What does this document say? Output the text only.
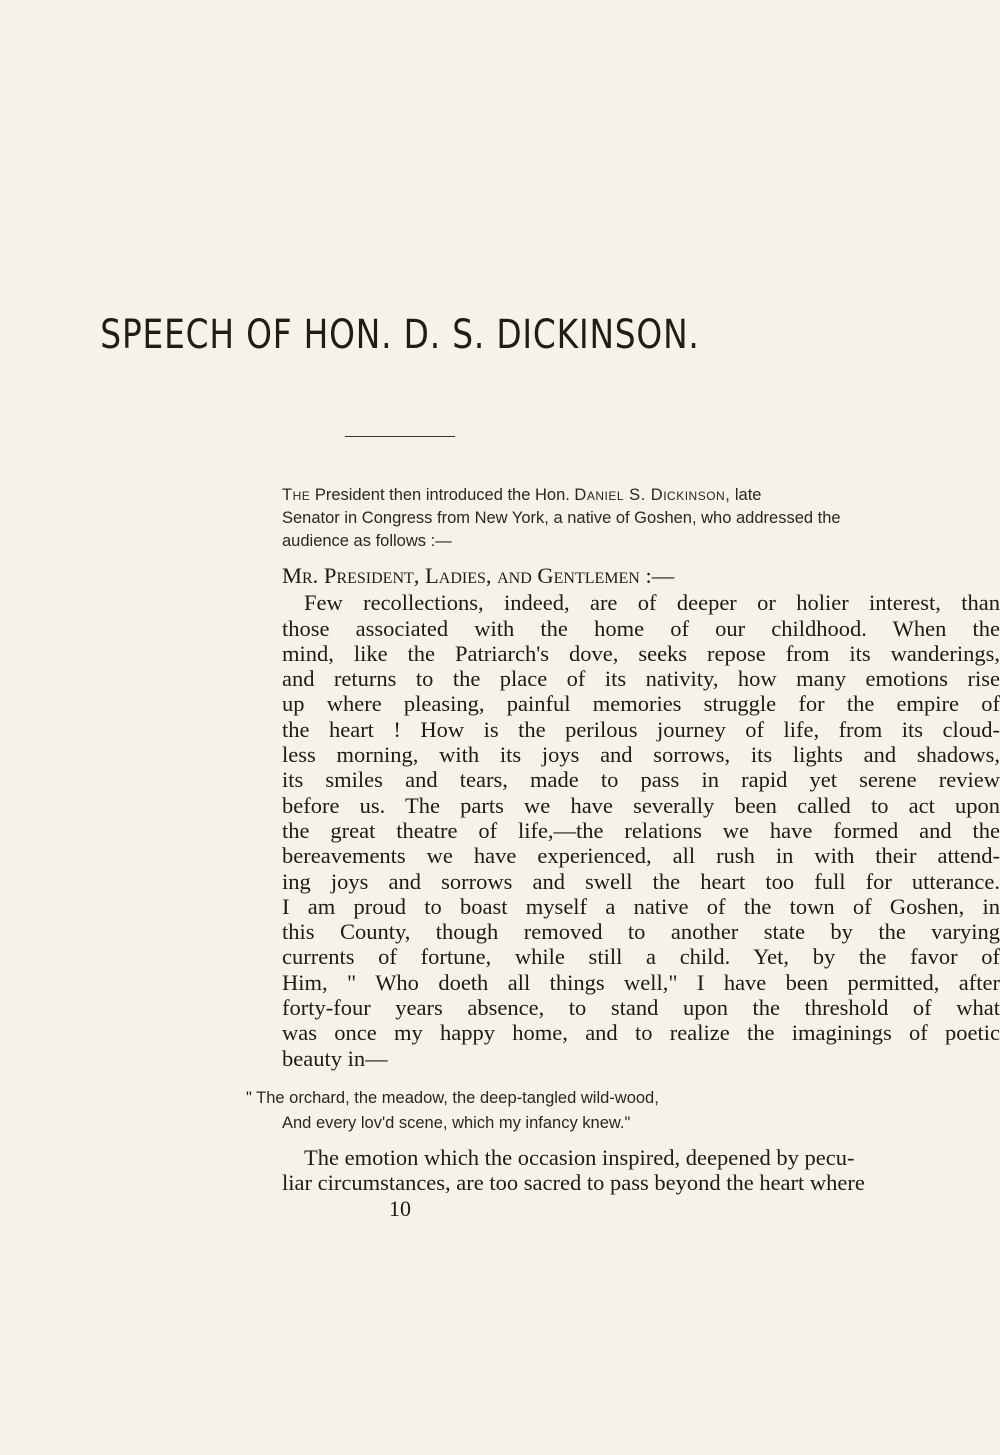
SPEECH OF HON. D. S. DICKINSON.

The President then introduced the Hon. Daniel S. Dickinson, late
Senator in Congress from New York, a native of Goshen, who addressed the
audience as follows :—

Mr. President, Ladies, and Gentlemen :—
Few recollections, indeed, are of deeper or holier interest, than
those associated with the home of our childhood. When the
mind, like the Patriarch's dove, seeks repose from its wanderings,
and returns to the place of its nativity, how many emotions rise
up where pleasing, painful memories struggle for the empire of
the heart ! How is the perilous journey of life, from its cloud-
less morning, with its joys and sorrows, its lights and shadows,
its smiles and tears, made to pass in rapid yet serene review
before us. The parts we have severally been called to act upon
the great theatre of life,—the relations we have formed and the
bereavements we have experienced, all rush in with their attend-
ing joys and sorrows and swell the heart too full for utterance.
I am proud to boast myself a native of the town of Goshen, in
this County, though removed to another state by the varying
currents of fortune, while still a child. Yet, by the favor of
Him, " Who doeth all things well," I have been permitted, after
forty-four years absence, to stand upon the threshold of what
was once my happy home, and to realize the imaginings of poetic
beauty in—
" The orchard, the meadow, the deep-tangled wild-wood,
And every lov'd scene, which my infancy knew."
The emotion which the occasion inspired, deepened by pecu-
liar circumstances, are too sacred to pass beyond the heart where
10
